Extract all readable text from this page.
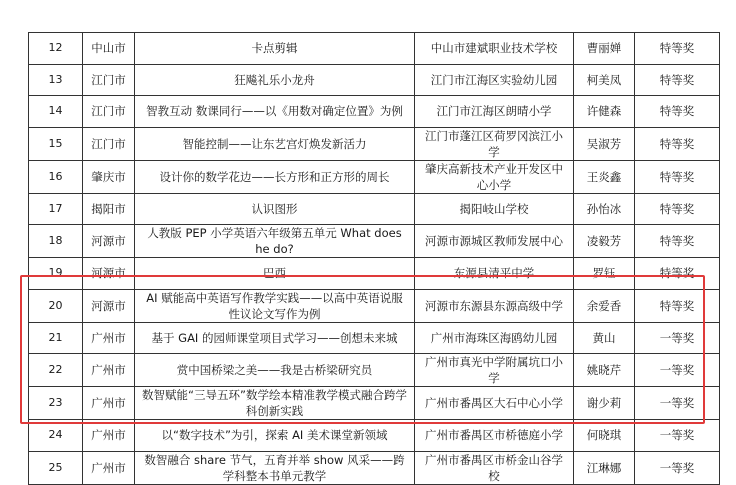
12	中山市	卡点剪辑	中山市建斌职业技术学校	曹丽婵	特等奖
13	江门市	狂飚礼乐小龙舟	江门市江海区实验幼儿园	柯美凤	特等奖
14	江门市	智教互动 数课同行——以《用数对确定位置》为例	江门市江海区朗晴小学	许健森	特等奖
15	江门市	智能控制——让东艺宫灯焕发新活力	江门市蓬江区荷罗冈滨江小学	吴淑芳	特等奖
16	肇庆市	设计你的数学花边——长方形和正方形的周长	肇庆高新技术产业开发区中心小学	王炎鑫	特等奖
17	揭阳市	认识图形	揭阳岐山学校	孙怡冰	特等奖
18	河源市	人教版 PEP 小学英语六年级第五单元 What does he do?	河源市源城区教师发展中心	凌毅芳	特等奖
19	河源市	巴西	东源县清平中学	罗钰	特等奖
20	河源市	AI 赋能高中英语写作教学实践——以高中英语说服性议论文写作为例	河源市东源县东源高级中学	余爱香	特等奖
21	广州市	基于 GAI 的园师课堂项目式学习——创想未来城	广州市海珠区海鸥幼儿园	黄山	一等奖
22	广州市	赏中国桥梁之美——我是古桥梁研究员	广州市真光中学附属坑口小学	姚晓芹	一等奖
23	广州市	数智赋能“三导五环”数学绘本精准教学模式融合跨学科创新实践	广州市番禺区大石中心小学	谢少莉	一等奖
24	广州市	以“数字技术”为引，探索 AI 美术课堂新领域	广州市番禺区市桥德庭小学	何晓琪	一等奖
25	广州市	数智融合 share 节气，五育并举 show 风采——跨学科整本书单元教学	广州市番禺区市桥金山谷学校	江琳娜	一等奖
